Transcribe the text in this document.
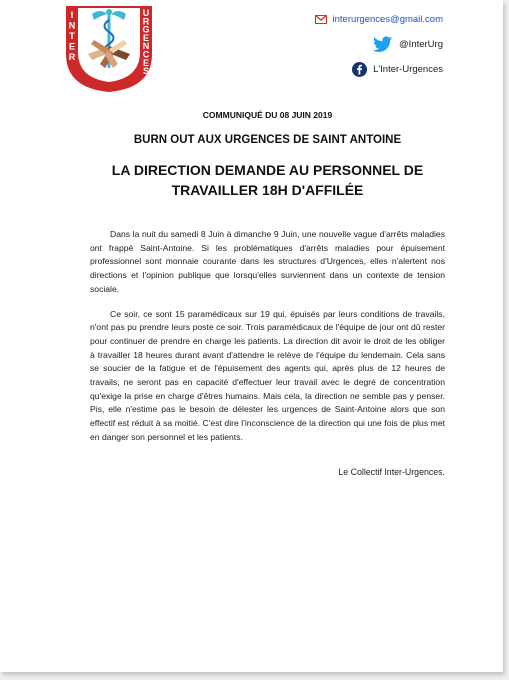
I N T E R
U R G E N C E S
interurgences@gmail.com
@InterUrg
L'Inter-Urgences
COMMUNIQUÉ DU 08 JUIN 2019
BURN OUT AUX URGENCES DE SAINT ANTOINE
LA DIRECTION DEMANDE AU PERSONNEL DE TRAVAILLER 18H D'AFFILÉE

Dans la nuit du samedi 8 Juin à dimanche 9 Juin, une nouvelle vague d'arrêts maladies ont frappé Saint-Antoine. Si les problématiques d'arrêts maladies pour épuisement professionnel sont monnaie courante dans les structures d'Urgences, elles n'alertent nos directions et l'opinion publique que lorsqu'elles surviennent dans un contexte de tension sociale.

Ce soir, ce sont 15 paramédicaux sur 19 qui, épuisés par leurs conditions de travails, n'ont pas pu prendre leurs poste ce soir. Trois paramédicaux de l'équipe de jour ont dû rester pour continuer de prendre en charge les patients. La direction dit avoir le droit de les obliger à travailler 18 heures durant avant d'attendre le relève de l'équipe du lendemain. Cela sans se soucier de la fatigue et de l'épuisement des agents qui, après plus de 12 heures de travails, ne seront pas en capacité d'effectuer leur travail avec le degré de concentration qu'exige la prise en charge d'êtres humains. Mais cela, la direction ne semble pas y penser. Pis, elle n'estime pas le besoin de délester les urgences de Saint-Antoine alors que son effectif est réduit à sa moitié. C'est dire l'inconscience de la direction qui une fois de plus met en danger son personnel et les patients.

Le Collectif Inter-Urgences.
